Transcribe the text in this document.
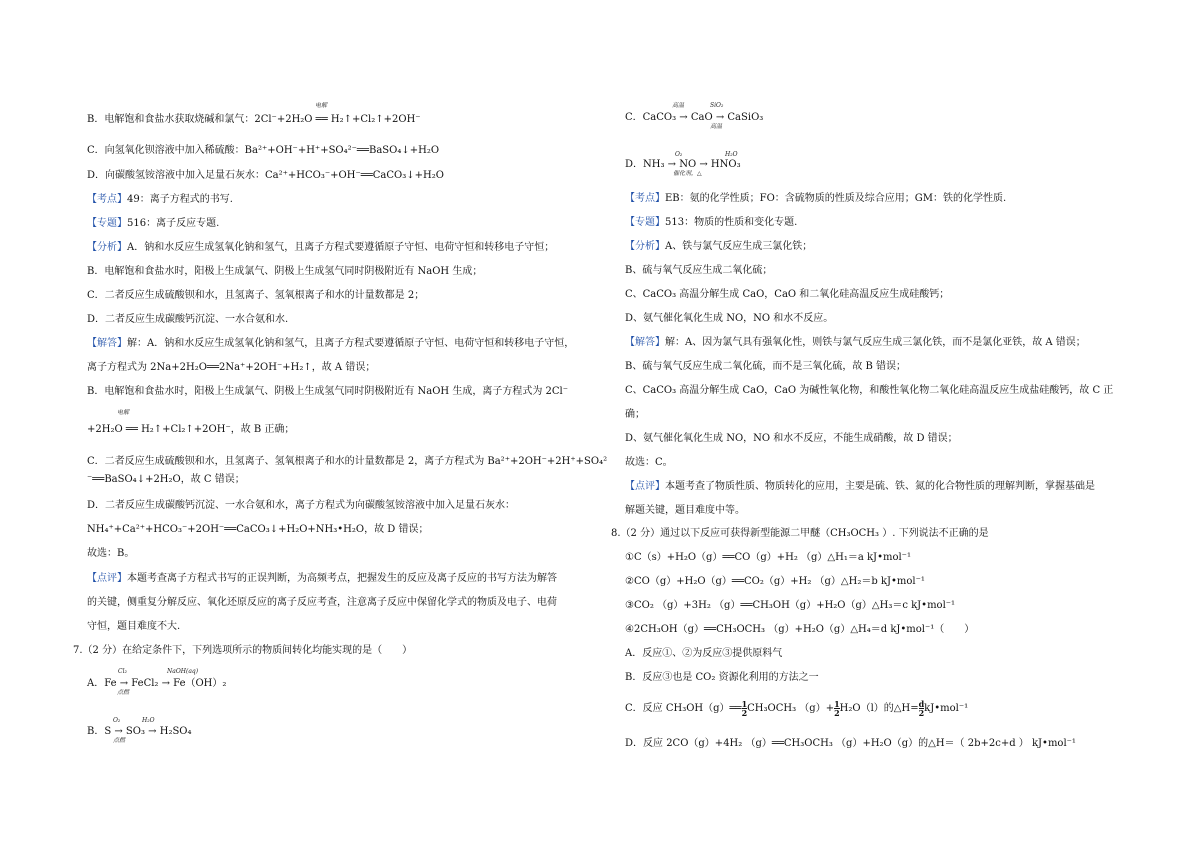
B．电解饱和食盐水获取烧碱和氯气：2Cl⁻+2H₂O ══ H₂↑+Cl₂↑+2OH⁻
电解
C．向氢氧化钡溶液中加入稀硫酸：Ba²⁺+OH⁻+H⁺+SO₄²⁻══BaSO₄↓+H₂O
D．向碳酸氢铵溶液中加入足量石灰水：Ca²⁺+HCO₃⁻+OH⁻══CaCO₃↓+H₂O
【考点】49：离子方程式的书写.
【专题】516：离子反应专题.
【分析】A．钠和水反应生成氢氧化钠和氢气，且离子方程式要遵循原子守恒、电荷守恒和转移电子守恒；
B．电解饱和食盐水时，阳极上生成氯气、阴极上生成氢气同时阴极附近有 NaOH 生成；
C．二者反应生成硫酸钡和水，且氢离子、氢氧根离子和水的计量数都是 2；
D．二者反应生成碳酸钙沉淀、一水合氨和水.
【解答】解：A．钠和水反应生成氢氧化钠和氢气，且离子方程式要遵循原子守恒、电荷守恒和转移电子守恒，
离子方程式为 2Na+2H₂O══2Na⁺+2OH⁻+H₂↑，故 A 错误；
B．电解饱和食盐水时，阳极上生成氯气、阴极上生成氢气同时阴极附近有 NaOH 生成，离子方程式为 2Cl⁻
电解
+2H₂O ══ H₂↑+Cl₂↑+2OH⁻，故 B 正确；
C．二者反应生成硫酸钡和水，且氢离子、氢氧根离子和水的计量数都是 2，离子方程式为 Ba²⁺+2OH⁻+2H⁺+SO₄²
⁻══BaSO₄↓+2H₂O，故 C 错误；
D．二者反应生成碳酸钙沉淀、一水合氨和水，离子方程式为向碳酸氢铵溶液中加入足量石灰水：
NH₄⁺+Ca²⁺+HCO₃⁻+2OH⁻══CaCO₃↓+H₂O+NH₃•H₂O，故 D 错误；
故选：B。
【点评】本题考查离子方程式书写的正误判断，为高频考点，把握发生的反应及离子反应的书写方法为解答
的关键，侧重复分解反应、氧化还原反应的离子反应考查，注意离子反应中保留化学式的物质及电子、电荷
守恒，题目难度不大.
7.（2 分）在给定条件下，下列选项所示的物质间转化均能实现的是（　　）
Cl₂	NaOH(aq)
A．Fe → FeCl₂ → Fe（OH）₂
点燃
O₂	H₂O
B．S → SO₃ → H₂SO₄
点燃
高温	SiO₂
C．CaCO₃ → CaO → CaSiO₃
高温
O₂	H₂O
D．NH₃ → NO → HNO₃
催化剂，△
【考点】EB：氨的化学性质；FO：含硫物质的性质及综合应用；GM：铁的化学性质.
【专题】513：物质的性质和变化专题.
【分析】A、铁与氯气反应生成三氯化铁；
B、硫与氧气反应生成二氧化硫；
C、CaCO₃ 高温分解生成 CaO，CaO 和二氧化硅高温反应生成硅酸钙；
D、氨气催化氧化生成 NO，NO 和水不反应。
【解答】解：A、因为氯气具有强氧化性，则铁与氯气反应生成三氯化铁，而不是氯化亚铁，故 A 错误；
B、硫与氧气反应生成二氧化硫，而不是三氧化硫，故 B 错误；
C、CaCO₃ 高温分解生成 CaO，CaO 为碱性氧化物，和酸性氧化物二氧化硅高温反应生成盐硅酸钙，故 C 正
确；
D、氨气催化氧化生成 NO，NO 和水不反应，不能生成硝酸，故 D 错误；
故选：C。
【点评】本题考查了物质性质、物质转化的应用，主要是硫、铁、氮的化合物性质的理解判断，掌握基础是
解题关键，题目难度中等。
8.（2 分）通过以下反应可获得新型能源二甲醚（CH₃OCH₃ ）. 下列说法不正确的是
①C（s）+H₂O（g）══CO（g）+H₂ （g）△H₁＝a kJ•mol⁻¹
②CO（g）+H₂O（g）══CO₂（g）+H₂ （g）△H₂＝b kJ•mol⁻¹
③CO₂ （g）+3H₂ （g）══CH₃OH（g）+H₂O（g）△H₃＝c kJ•mol⁻¹
④2CH₃OH（g）══CH₃OCH₃ （g）+H₂O（g）△H₄＝d kJ•mol⁻¹（　　）
A．反应①、②为反应③提供原料气
B．反应③也是 CO₂ 资源化利用的方法之一
C．反应 CH₃OH（g）══ $\frac{1}{2} CH_3OCH_3$ $(g)+ \frac{1}{2} H_2O(l)$的△H= $\frac{d}{2}$ kJ•mol⁻¹
D．反应 2CO（g）+4H₂ （g）══CH₃OCH₃ （g）+H₂O（g）的△H＝（ 2b+2c+d ） kJ•mol⁻¹
